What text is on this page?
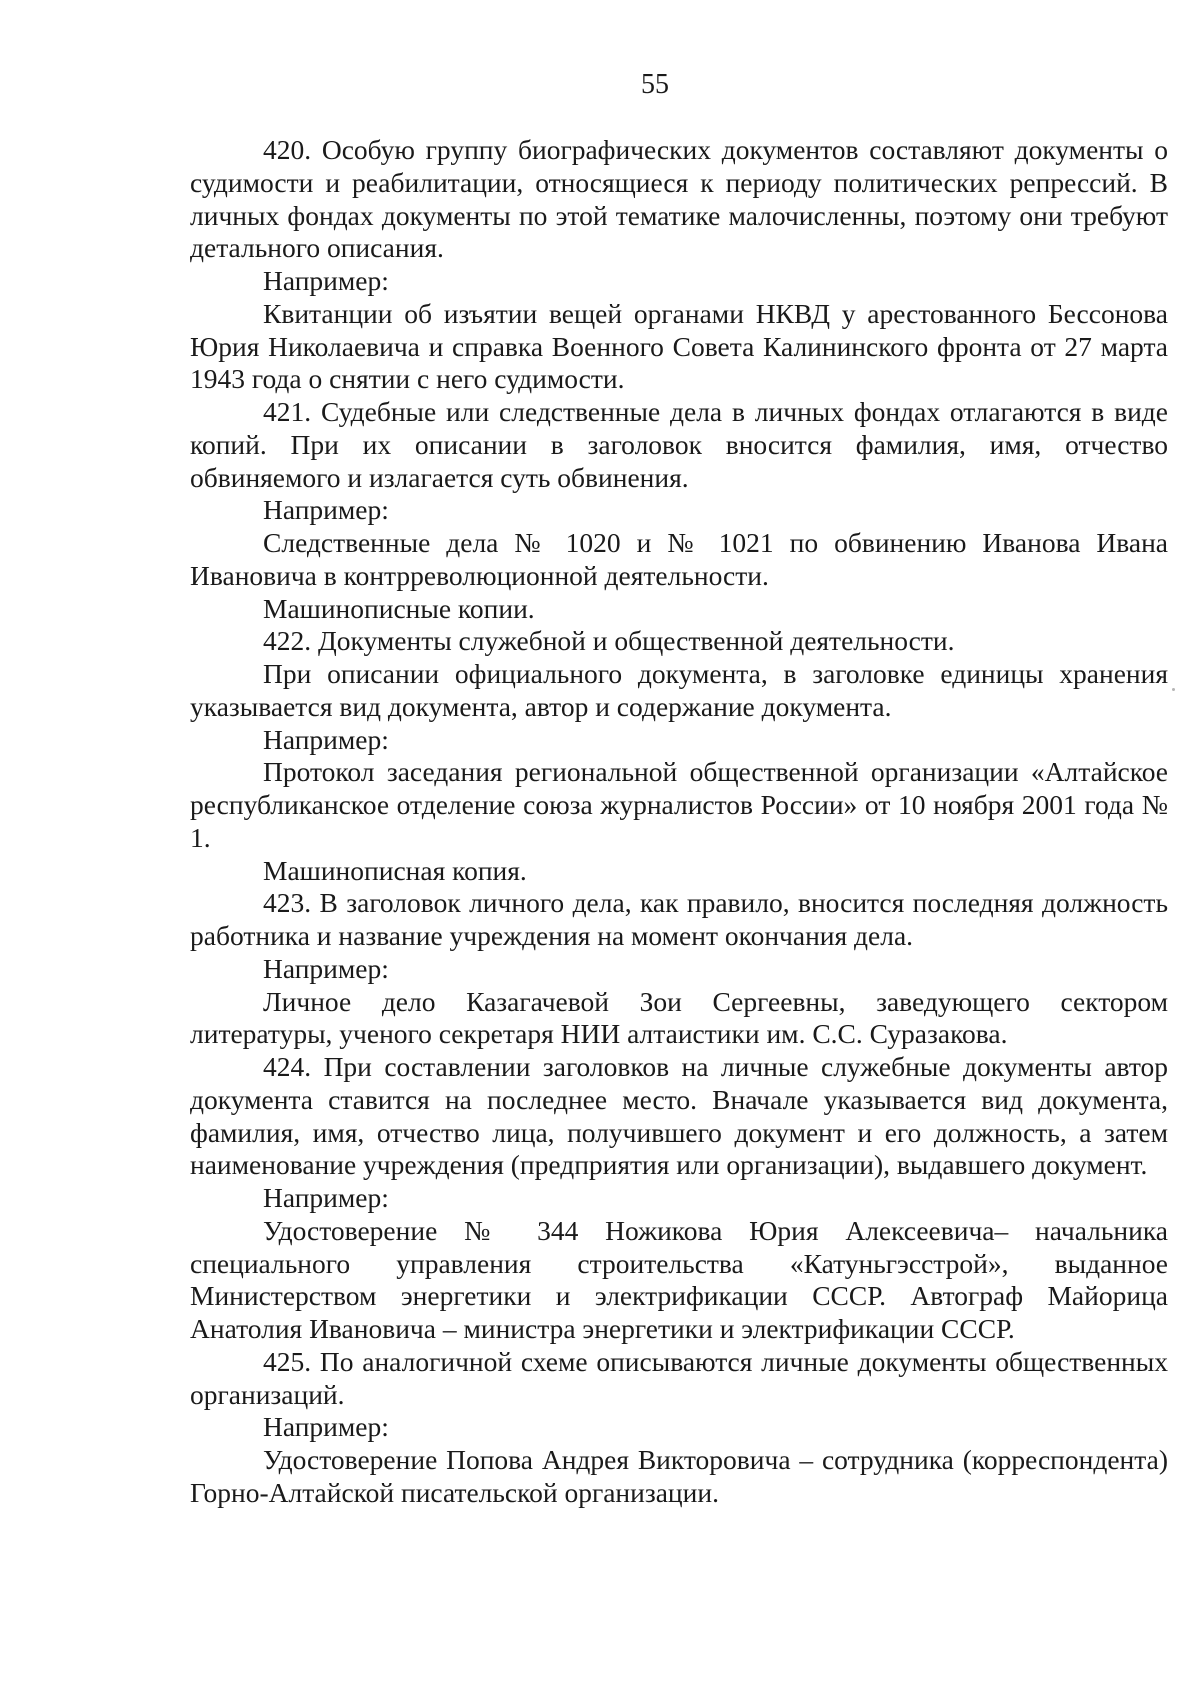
55

420. Особую группу биографических документов составляют документы о судимости и реабилитации, относящиеся к периоду политических репрессий. В личных фондах документы по этой тематике малочисленны, поэтому они требуют детального описания.

Например:

Квитанции об изъятии вещей органами НКВД у арестованного Бессонова Юрия Николаевича и справка Военного Совета Калининского фронта от 27 марта 1943 года о снятии с него судимости.

421. Судебные или следственные дела в личных фондах отлагаются в виде копий. При их описании в заголовок вносится фамилия, имя, отчество обвиняемого и излагается суть обвинения.

Например:

Следственные дела № 1020 и № 1021 по обвинению Иванова Ивана Ивановича в контрреволюционной деятельности.

Машинописные копии.

422. Документы служебной и общественной деятельности.

При описании официального документа, в заголовке единицы хранения указывается вид документа, автор и содержание документа.

Например:

Протокол заседания региональной общественной организации «Алтайское республиканское отделение союза журналистов России» от 10 ноября 2001 года № 1.

Машинописная копия.

423. В заголовок личного дела, как правило, вносится последняя должность работника и название учреждения на момент окончания дела.

Например:

Личное дело Казагачевой Зои Сергеевны, заведующего сектором литературы, ученого секретаря НИИ алтаистики им. С.С. Суразакова.

424. При составлении заголовков на личные служебные документы автор документа ставится на последнее место. Вначале указывается вид документа, фамилия, имя, отчество лица, получившего документ и его должность, а затем наименование учреждения (предприятия или организации), выдавшего документ.

Например:

Удостоверение № 344 Ножикова Юрия Алексеевича– начальника специального управления строительства «Катуньгэсстрой», выданное Министерством энергетики и электрификации СССР. Автограф Майорица Анатолия Ивановича – министра энергетики и электрификации СССР.

425. По аналогичной схеме описываются личные документы общественных организаций.

Например:

Удостоверение Попова Андрея Викторовича – сотрудника (корреспондента) Горно-Алтайской писательской организации.
